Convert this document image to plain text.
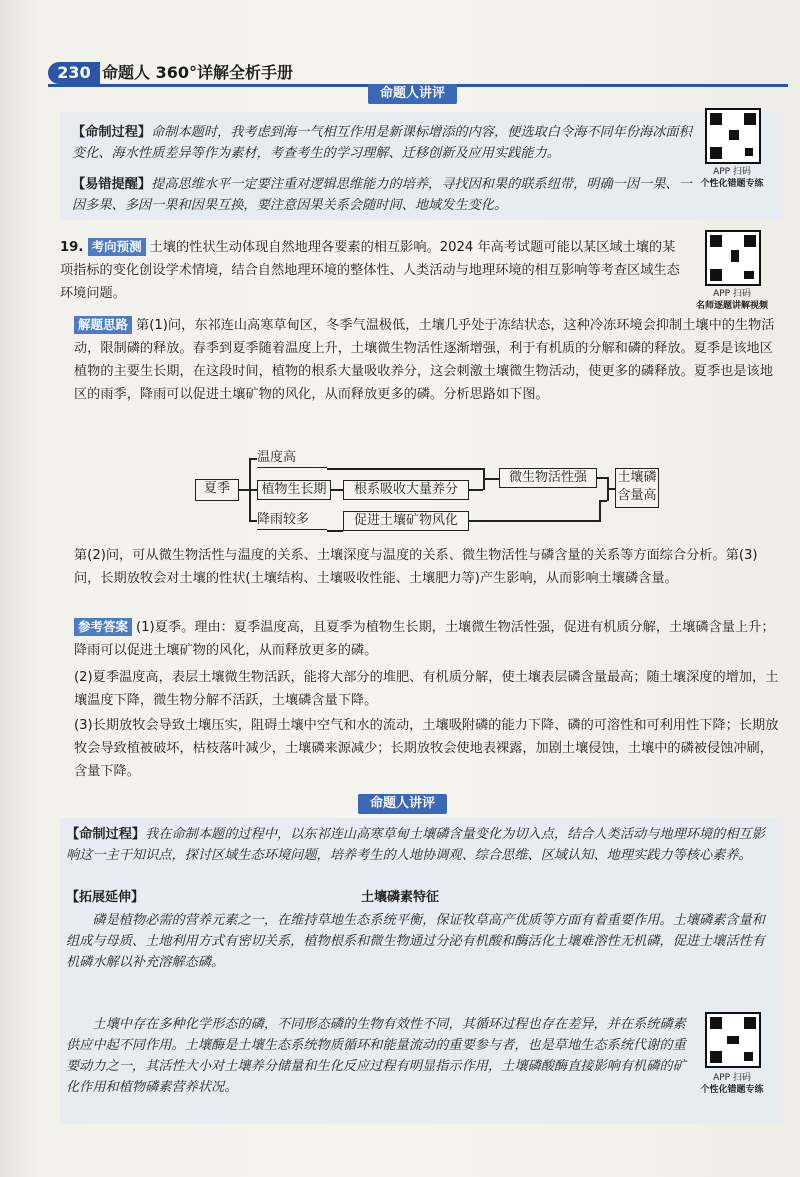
230 命题人 360°详解全析手册
命题人讲评
【命制过程】命制本题时，我考虑到海一气相互作用是新课标增添的内容，便选取白令海不同年份海冰面积变化、海水性质差异等作为素材，考查考生的学习理解、迁移创新及应用实践能力。
【易错提醒】提高思维水平一定要注重对逻辑思维能力的培养，寻找因和果的联系纽带，明确一因一果、一因多果、多因一果和因果互换，要注意因果关系会随时间、地域发生变化。
APP 扫码
个性化错题专练
19. 考向预测 土壤的性状生动体现自然地理各要素的相互影响。2024 年高考试题可能以某区域土壤的某项指标的变化创设学术情境，结合自然地理环境的整体性、人类活动与地理环境的相互影响等考查区域生态环境问题。	APP 扫码
名师逐题讲解视频
解题思路 第(1)问，东祁连山高寒草甸区，冬季气温极低，土壤几乎处于冻结状态，这种冷冻环境会抑制土壤中的生物活动，限制磷的释放。春季到夏季随着温度上升，土壤微生物活性逐渐增强，利于有机质的分解和磷的释放。夏季是该地区植物的主要生长期，在这段时间，植物的根系大量吸收养分，这会刺激土壤微生物活动，使更多的磷释放。夏季也是该地区的雨季，降雨可以促进土壤矿物的风化，从而释放更多的磷。分析思路如下图。
夏季
温度高
植物生长期
降雨较多
根系吸收大量养分
促进土壤矿物风化
微生物活性强	土壤磷含量高
第(2)问，可从微生物活性与温度的关系、土壤深度与温度的关系、微生物活性与磷含量的关系等方面综合分析。第(3)问，长期放牧会对土壤的性状(土壤结构、土壤吸收性能、土壤肥力等)产生影响，从而影响土壤磷含量。
参考答案 (1)夏季。理由：夏季温度高，且夏季为植物生长期，土壤微生物活性强，促进有机质分解，土壤磷含量上升；降雨可以促进土壤矿物的风化，从而释放更多的磷。
(2)夏季温度高，表层土壤微生物活跃，能将大部分的堆肥、有机质分解，使土壤表层磷含量最高；随土壤深度的增加，土壤温度下降，微生物分解不活跃，土壤磷含量下降。
(3)长期放牧会导致土壤压实，阻碍土壤中空气和水的流动，土壤吸附磷的能力下降、磷的可溶性和可利用性下降；长期放牧会导致植被破坏，枯枝落叶减少，土壤磷来源减少；长期放牧会使地表裸露，加剧土壤侵蚀，土壤中的磷被侵蚀冲刷，含量下降。
命题人讲评
【命制过程】我在命制本题的过程中，以东祁连山高寒草甸土壤磷含量变化为切入点，结合人类活动与地理环境的相互影响这一主干知识点，探讨区域生态环境问题，培养考生的人地协调观、综合思维、区域认知、地理实践力等核心素养。
【拓展延伸】	土壤磷素特征
磷是植物必需的营养元素之一，在维持草地生态系统平衡，保证牧草高产优质等方面有着重要作用。土壤磷素含量和组成与母质、土地利用方式有密切关系，植物根系和微生物通过分泌有机酸和酶活化土壤难溶性无机磷，促进土壤活性有机磷水解以补充溶解态磷。
土壤中存在多种化学形态的磷，不同形态磷的生物有效性不同，其循环过程也存在差异，并在系统磷素供应中起不同作用。土壤酶是土壤生态系统物质循环和能量流动的重要参与者，也是草地生态系统代谢的重要动力之一，其活性大小对土壤养分储量和生化反应过程有明显指示作用，土壤磷酸酶直接影响有机磷的矿化作用和植物磷素营养状况。
APP 扫码
个性化错题专练
